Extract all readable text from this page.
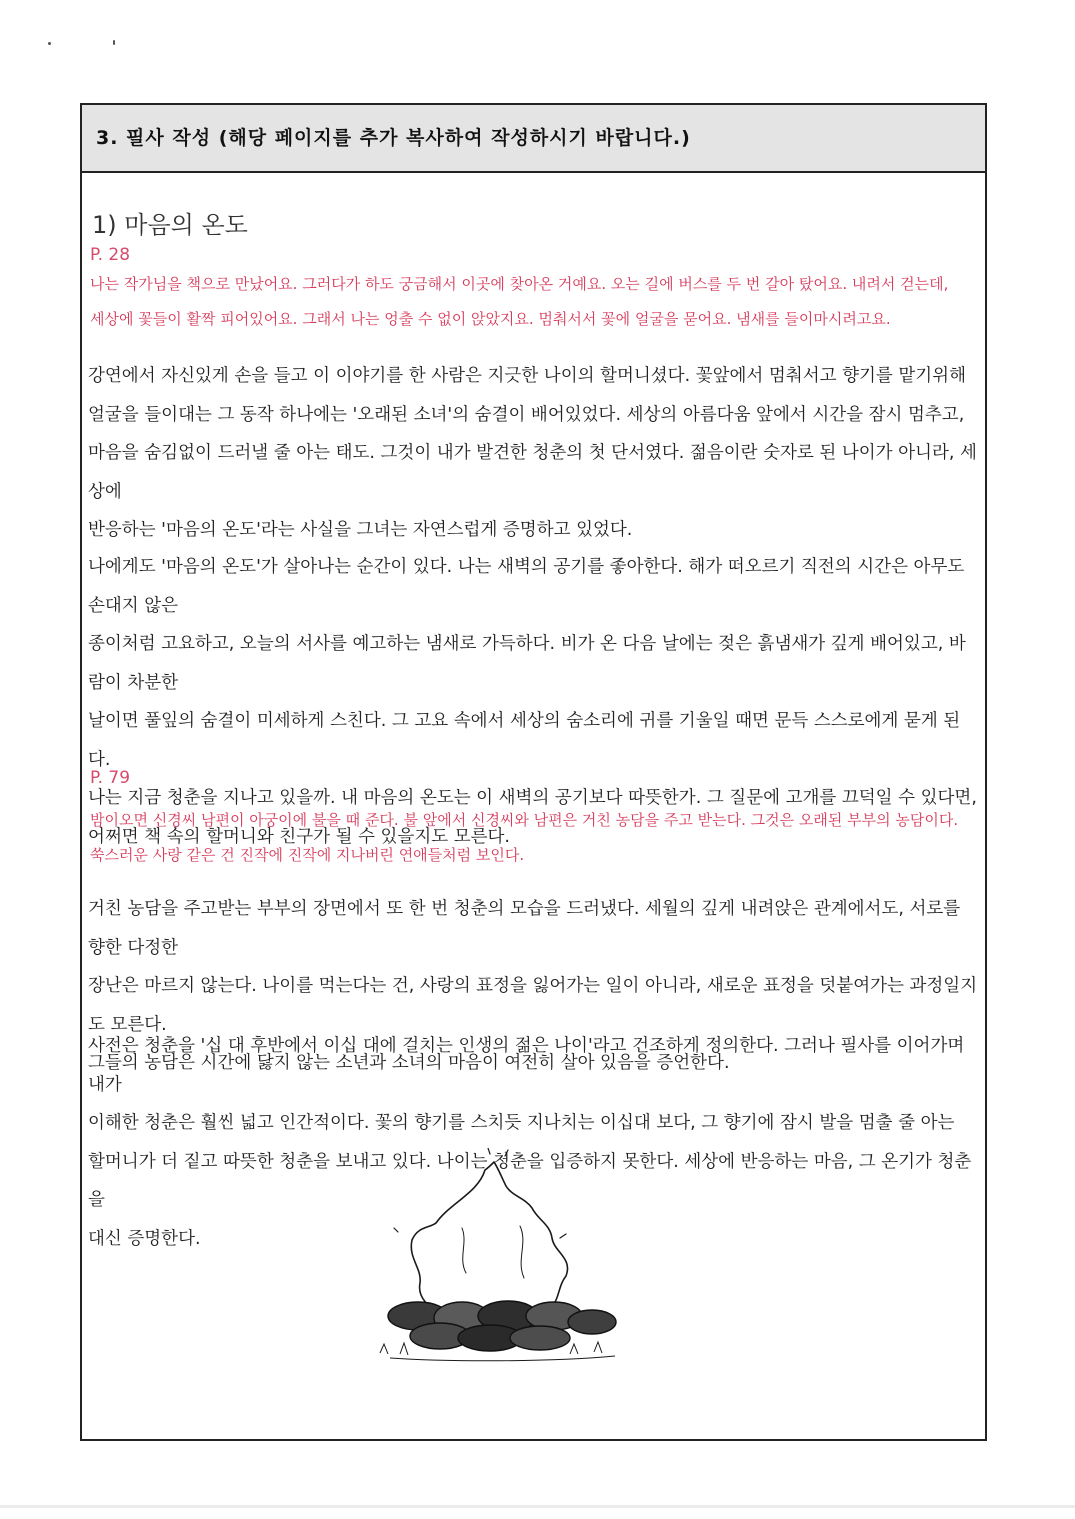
3. 필사 작성 (해당 페이지를 추가 복사하여 작성하시기 바랍니다.)
1) 마음의 온도
P. 28
나는 작가님을 책으로 만났어요. 그러다가 하도 궁금해서 이곳에 찾아온 거예요. 오는 길에 버스를 두 번 갈아 탔어요. 내려서 걷는데,
세상에 꽃들이 활짝 피어있어요. 그래서 나는 엉출 수 없이 앉았지요. 멈춰서서 꽃에 얼굴을 묻어요. 냄새를 들이마시려고요.
강연에서 자신있게 손을 들고 이 이야기를 한 사람은 지긋한 나이의 할머니셨다. 꽃앞에서 멈춰서고 향기를 맡기위해
얼굴을 들이대는 그 동작 하나에는 '오래된 소녀'의 숨결이 배어있었다. 세상의 아름다움 앞에서 시간을 잠시 멈추고,
마음을 숨김없이 드러낼 줄 아는 태도. 그것이 내가 발견한 청춘의 첫 단서였다. 젊음이란 숫자로 된 나이가 아니라, 세상에
반응하는 '마음의 온도'라는 사실을 그녀는 자연스럽게 증명하고 있었다.
나에게도 '마음의 온도'가 살아나는 순간이 있다. 나는 새벽의 공기를 좋아한다. 해가 떠오르기 직전의 시간은 아무도 손대지 않은
종이처럼 고요하고, 오늘의 서사를 예고하는 냄새로 가득하다. 비가 온 다음 날에는 젖은 흙냄새가 깊게 배어있고, 바람이 차분한
날이면 풀잎의 숨결이 미세하게 스친다. 그 고요 속에서 세상의 숨소리에 귀를 기울일 때면 문득 스스로에게 묻게 된다.
나는 지금 청춘을 지나고 있을까. 내 마음의 온도는 이 새벽의 공기보다 따뜻한가. 그 질문에 고개를 끄덕일 수 있다면,
어쩌면 책 속의 할머니와 친구가 될 수 있을지도 모른다.
P. 79
밤이오면 신경씨 남편이 아궁이에 불을 때 준다. 불 앞에서 신경씨와 남편은 거친 농담을 주고 받는다. 그것은 오래된 부부의 농담이다.
쑥스러운 사랑 같은 건 진작에 진작에 지나버린 연애들처럼 보인다.
거친 농담을 주고받는 부부의 장면에서 또 한 번 청춘의 모습을 드러냈다. 세월의 깊게 내려앉은 관계에서도, 서로를 향한 다정한
장난은 마르지 않는다. 나이를 먹는다는 건, 사랑의 표정을 잃어가는 일이 아니라, 새로운 표정을 덧붙여가는 과정일지도 모른다.
그들의 농담은 시간에 닳지 않는 소년과 소녀의 마음이 여전히 살아 있음을 증언한다.
사전은 청춘을 '십 대 후반에서 이십 대에 걸치는 인생의 젊은 나이'라고 건조하게 정의한다. 그러나 필사를 이어가며 내가
이해한 청춘은 훨씬 넓고 인간적이다. 꽃의 향기를 스치듯 지나치는 이십대 보다, 그 향기에 잠시 발을 멈출 줄 아는
할머니가 더 짙고 따뜻한 청춘을 보내고 있다. 나이는 청춘을 입증하지 못한다. 세상에 반응하는 마음, 그 온기가 청춘을
대신 증명한다.
